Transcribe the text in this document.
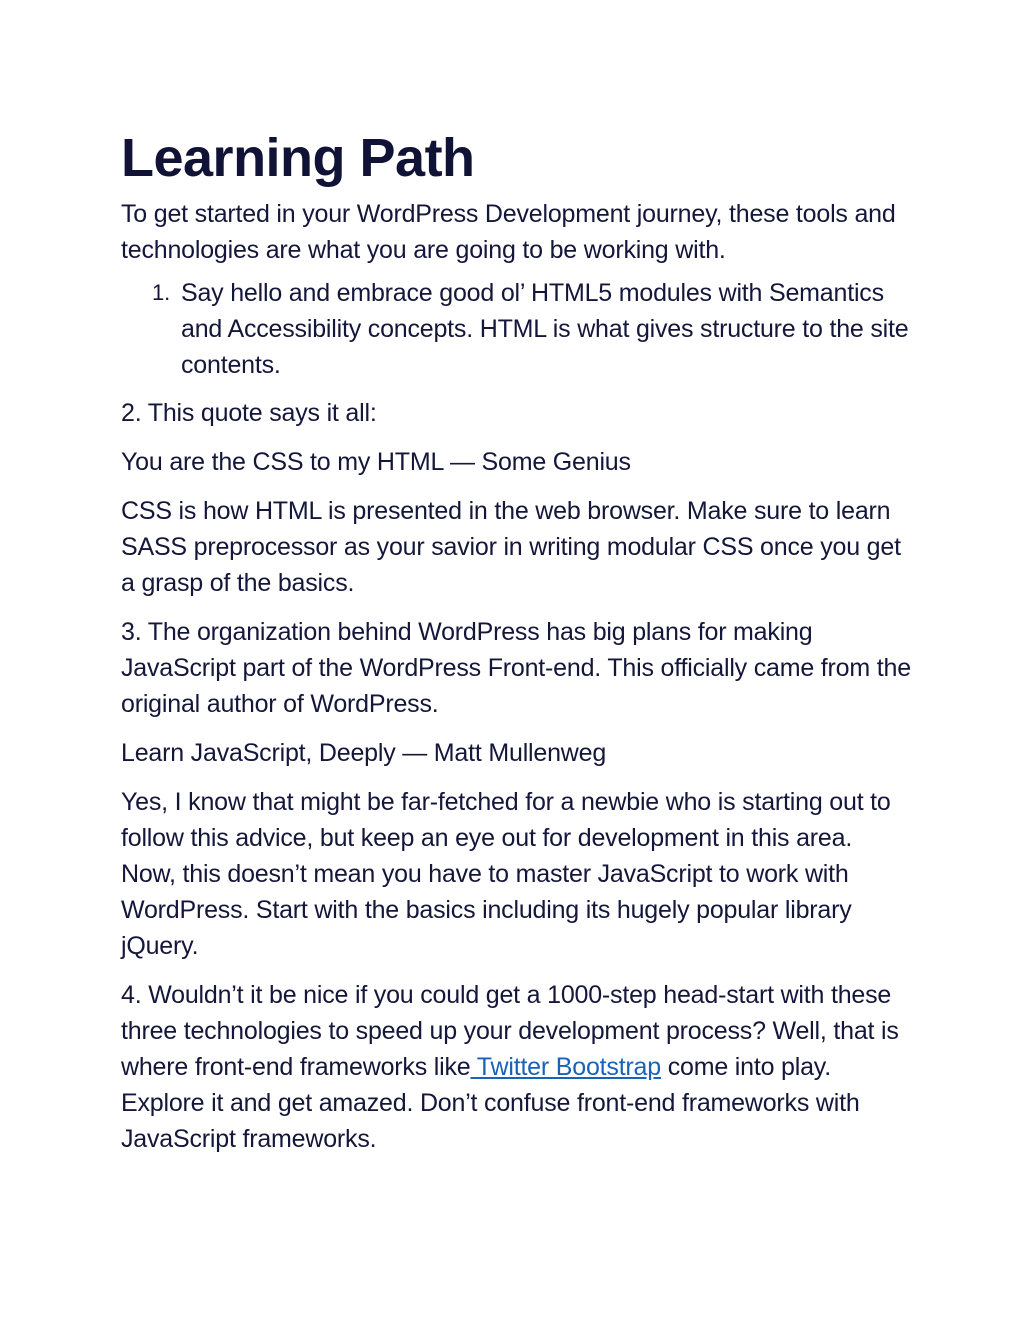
Learning Path

To get started in your WordPress Development journey, these tools and technologies are what you are going to be working with.

1. Say hello and embrace good ol’ HTML5 modules with Semantics and Accessibility concepts. HTML is what gives structure to the site contents.

2. This quote says it all:

You are the CSS to my HTML — Some Genius

CSS is how HTML is presented in the web browser. Make sure to learn SASS preprocessor as your savior in writing modular CSS once you get a grasp of the basics.

3. The organization behind WordPress has big plans for making JavaScript part of the WordPress Front-end. This officially came from the original author of WordPress.

Learn JavaScript, Deeply — Matt Mullenweg

Yes, I know that might be far-fetched for a newbie who is starting out to follow this advice, but keep an eye out for development in this area. Now, this doesn’t mean you have to master JavaScript to work with WordPress. Start with the basics including its hugely popular library jQuery.

4. Wouldn’t it be nice if you could get a 1000-step head-start with these three technologies to speed up your development process? Well, that is where front-end frameworks like Twitter Bootstrap come into play. Explore it and get amazed. Don’t confuse front-end frameworks with JavaScript frameworks.
